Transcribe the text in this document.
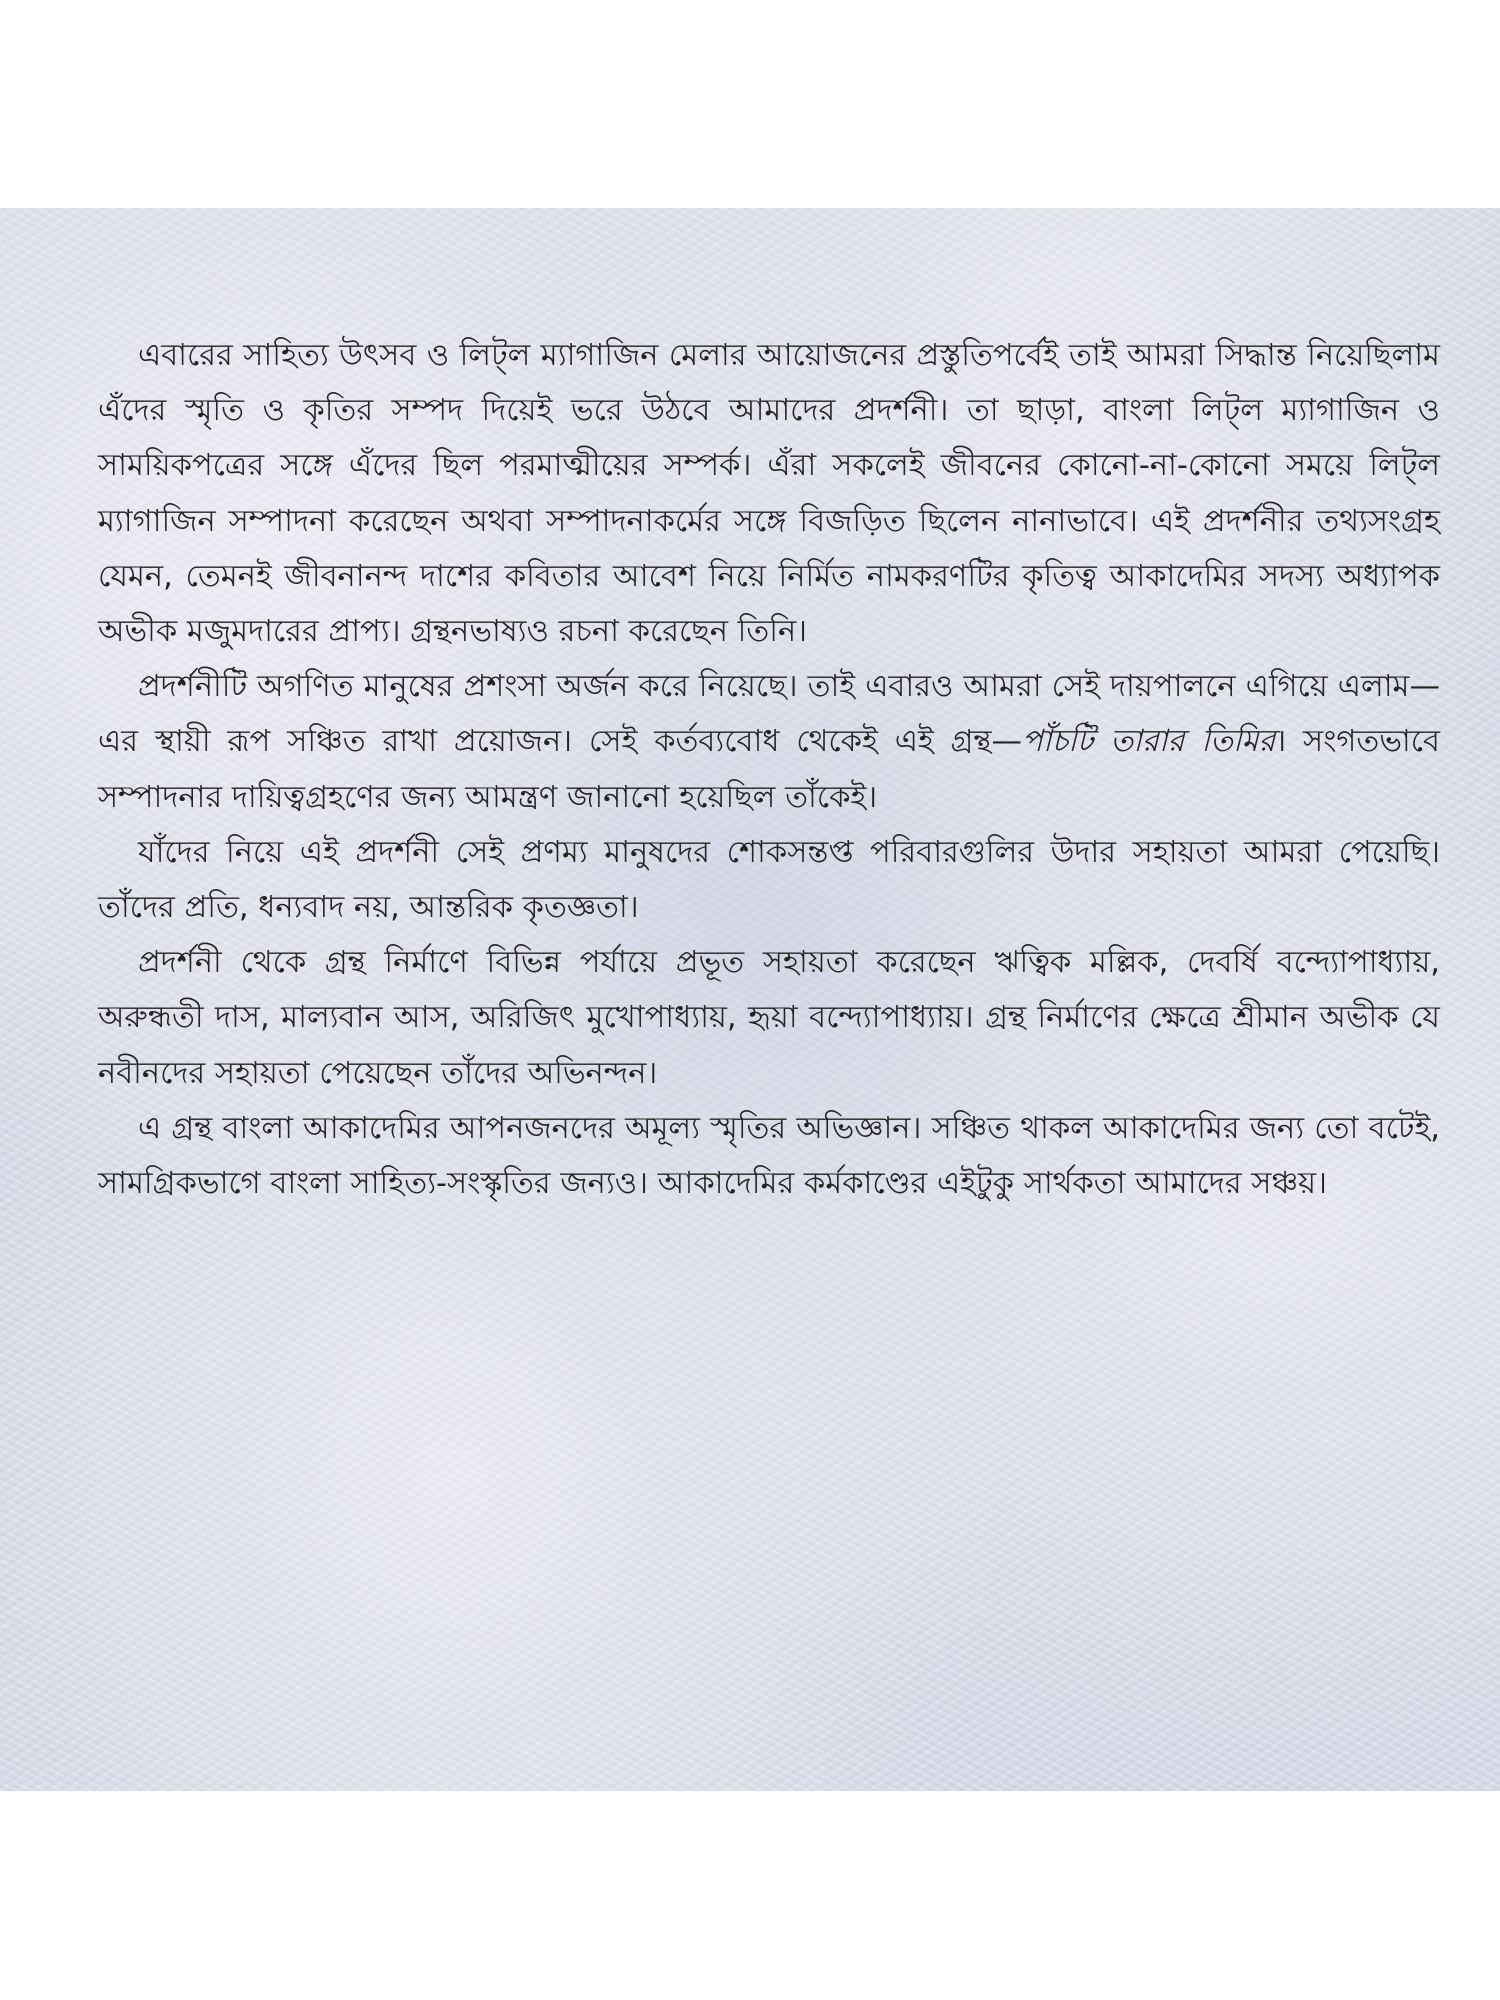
এবারের সাহিত্য উৎসব ও লিট্‌ল ম্যাগাজিন মেলার আয়োজনের প্রস্তুতিপর্বেই তাই আমরা সিদ্ধান্ত নিয়েছিলাম এঁদের স্মৃতি ও কৃতির সম্পদ দিয়েই ভরে উঠবে আমাদের প্রদর্শনী। তা ছাড়া, বাংলা লিট্‌ল ম্যাগাজিন ও সাময়িকপত্রের সঙ্গে এঁদের ছিল পরমাত্মীয়ের সম্পর্ক। এঁরা সকলেই জীবনের কোনো-না-কোনো সময়ে লিট্‌ল ম্যাগাজিন সম্পাদনা করেছেন অথবা সম্পাদনাকর্মের সঙ্গে বিজড়িত ছিলেন নানাভাবে। এই প্রদর্শনীর তথ্যসংগ্রহ যেমন, তেমনই জীবনানন্দ দাশের কবিতার আবেশ নিয়ে নির্মিত নামকরণটির কৃতিত্ব আকাদেমির সদস্য অধ্যাপক অভীক মজুমদারের প্রাপ্য। গ্রন্থনভাষ্যও রচনা করেছেন তিনি।

প্রদর্শনীটি অগণিত মানুষের প্রশংসা অর্জন করে নিয়েছে। তাই এবারও আমরা সেই দায়পালনে এগিয়ে এলাম—এর স্থায়ী রূপ সঞ্চিত রাখা প্রয়োজন। সেই কর্তব্যবোধ থেকেই এই গ্রন্থ—পাঁচটি তারার তিমির। সংগতভাবে সম্পাদনার দায়িত্বগ্রহণের জন্য আমন্ত্রণ জানানো হয়েছিল তাঁকেই।

যাঁদের নিয়ে এই প্রদর্শনী সেই প্রণম্য মানুষদের শোকসন্তপ্ত পরিবারগুলির উদার সহায়তা আমরা পেয়েছি। তাঁদের প্রতি, ধন্যবাদ নয়, আন্তরিক কৃতজ্ঞতা।

প্রদর্শনী থেকে গ্রন্থ নির্মাণে বিভিন্ন পর্যায়ে প্রভূত সহায়তা করেছেন ঋত্বিক মল্লিক, দেবর্ষি বন্দ্যোপাধ্যায়, অরুন্ধতী দাস, মাল্যবান আস, অরিজিৎ মুখোপাধ্যায়, হৃয়া বন্দ্যোপাধ্যায়। গ্রন্থ নির্মাণের ক্ষেত্রে শ্রীমান অভীক যে নবীনদের সহায়তা পেয়েছেন তাঁদের অভিনন্দন।

এ গ্রন্থ বাংলা আকাদেমির আপনজনদের অমূল্য স্মৃতির অভিজ্ঞান। সঞ্চিত থাকল আকাদেমির জন্য তো বটেই, সামগ্রিকভাগে বাংলা সাহিত্য-সংস্কৃতির জন্যও। আকাদেমির কর্মকাণ্ডের এইটুকু সার্থকতা আমাদের সঞ্চয়।
